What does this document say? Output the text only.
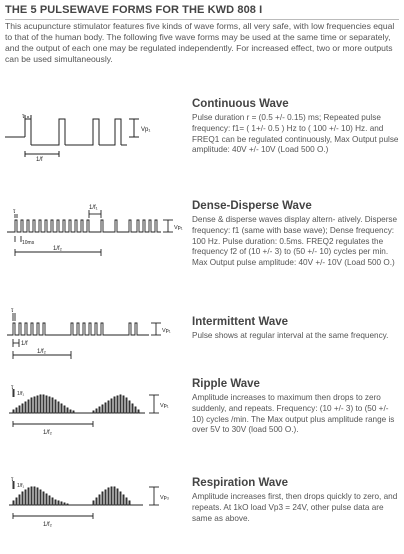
THE 5 PULSEWAVE FORMS FOR THE KWD 808 I
This acupuncture stimulator features five kinds of wave forms, all very safe, with low frequencies equal to that of the human body. The following five wave forms may be used at the same time or separately, and the output of each one may be regulated independently. For increased effect, two or more outputs can be used simultaneously.
τ
1/f
Vp₁
τ
1/f₁
10ms
1/f₂
Vp₁
τ
1/f
1/f₂
Vp₁
τ
1/f₁
1/f₂
Vp₁
τ
1/f₁
1/f₂
Vp₃
Continuous Wave

Pulse duration r = (0.5 +/- 0.15) ms; Repeated pulse frequency: f1= ( 1+/- 0.5 ) Hz to ( 100 +/- 10) Hz. and FREQ1 can be regulated continuously, Max Output pulse amplitude: 40V +/- 10V (Load 500 O.)

Dense-Disperse Wave

Dense & disperse waves display altern- atively. Disperse frequency: f1 (same with base wave); Dense frequency: 100 Hz. Pulse duration: 0.5ms. FREQ2 regulates the frequency f2 of (10 +/- 3) to (50 +/- 10) cycles per min. Max Output pulse amplitude: 40V +/- 10V (Load 500 O.)

Intermittent Wave

Pulse shows at regular interval at the same frequency.

Ripple Wave

Amplitude increases to maximum then drops to zero suddenly, and repeats. Frequency: (10 +/- 3) to (50 +/- 10) cycles /min. The Max output plus amplitude range is over 5V to 30V (load 500 O.).

Respiration Wave

Amplitude increases first, then drops quickly to zero, and repeats. At 1kO load Vp3 = 24V, other pulse data are same as above.
